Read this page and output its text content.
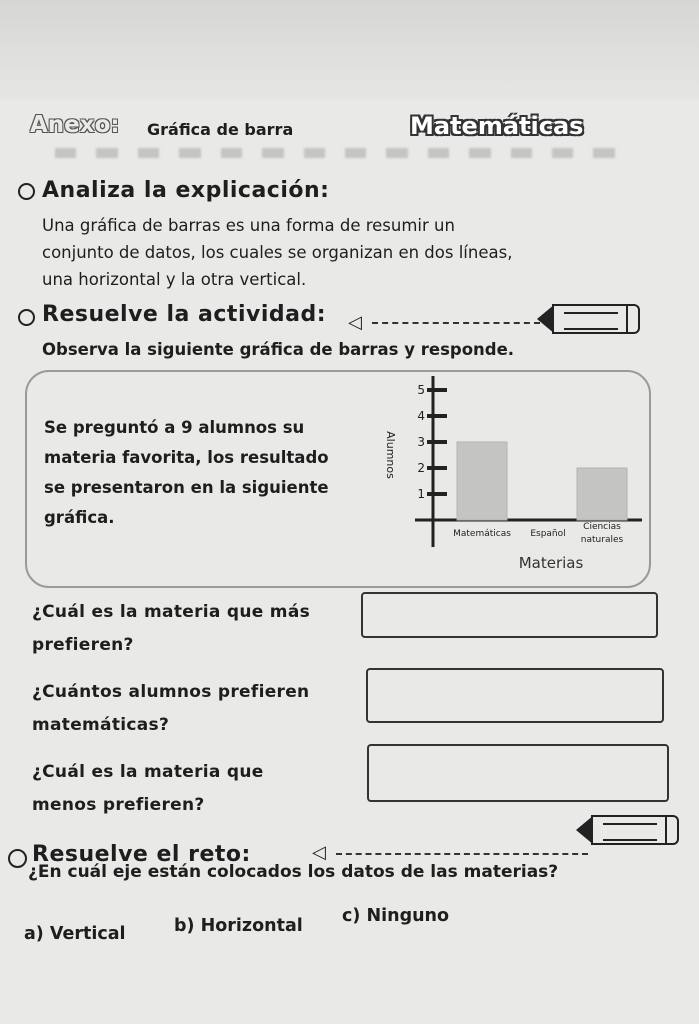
Anexo: Gráfica de barra	Matemáticas
Analiza la explicación:
Una gráfica de barras es una forma de resumir un
conjunto de datos, los cuales se organizan en dos líneas,
una horizontal y la otra vertical.
Resuelve la actividad: ◁
Observa la siguiente gráfica de barras y responde.
Se preguntó a 9 alumnos su
materia favorita, los resultado
se presentaron en la siguiente
gráfica.
1
2
3
4
5
Alumnos
Matemáticas Español
Ciencias
naturales
Materias
¿Cuál es la materia que más
prefieren?
¿Cuántos alumnos prefieren
matemáticas?
¿Cuál es la materia que
menos prefieren?
Resuelve el reto:	◁
¿En cuál eje están colocados los datos de las materias?
a) Vertical	b) Horizontal c) Ninguno
